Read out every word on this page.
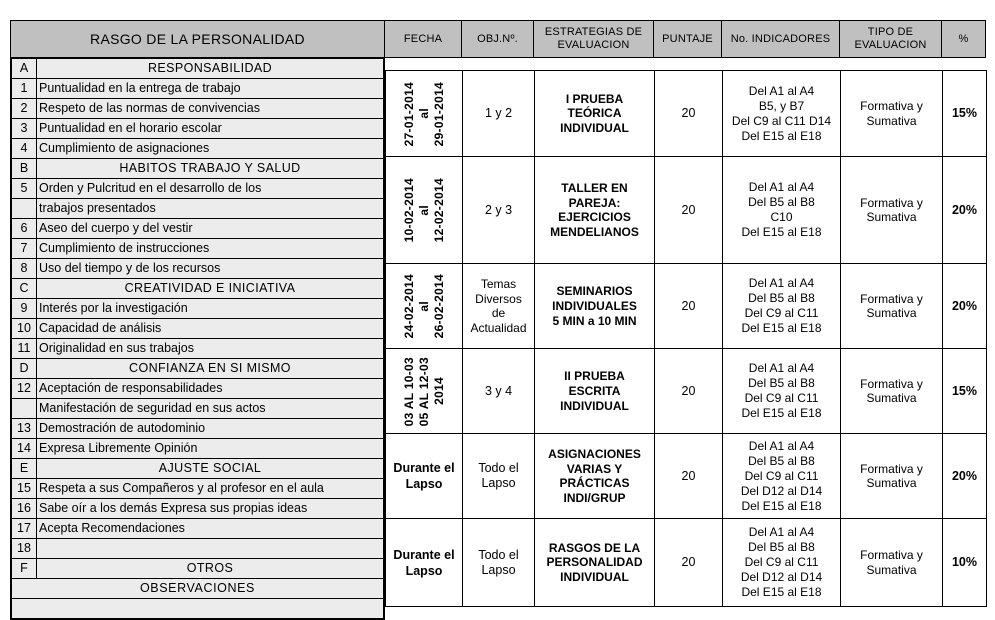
RASGO DE LA PERSONALIDAD	FECHA	OBJ.Nº.	ESTRATEGIAS DE
EVALUACION	PUNTAJE	No. INDICADORES	TIPO DE
EVALUACION	%

A	RESPONSABILIDAD
1	Puntualidad en la entrega de trabajo
2	Respeto de las normas de convivencias
3	Puntualidad en el horario escolar
4	Cumplimiento de asignaciones
B	HABITOS TRABAJO Y SALUD
5	Orden y Pulcritud en el desarrollo de los
	trabajos presentados
6	Aseo del cuerpo y del vestir
7	Cumplimiento de instrucciones
8	Uso del tiempo y de los recursos
C	CREATIVIDAD E INICIATIVA
9	Interés por la investigación
10	Capacidad de análisis
11	Originalidad en sus trabajos
D	CONFIANZA EN SI MISMO
12	Aceptación de responsabilidades
	Manifestación de seguridad en sus actos
13	Demostración de autodominio
14	Expresa Libremente Opinión
E	AJUSTE SOCIAL
15	Respeta a sus Compañeros y al profesor en el aula
16	Sabe oír a los demás Expresa sus propias ideas
17	Acepta Recomendaciones
18	
F	OTROS
OBSERVACIONES

27-01-2014 al 29-01-2014	1 y 2	I PRUEBA
TEÓRICA
INDIVIDUAL	20	Del A1 al A4
B5, y B7
Del C9 al C11 D14
Del E15 al E18	Formativa y
Sumativa	15%

10-02-2014 al 12-02-2014	2 y 3	TALLER EN
PAREJA:
EJERCICIOS
MENDELIANOS	20	Del A1 al A4
Del B5 al B8
C10
Del E15 al E18	Formativa y
Sumativa	20%

24-02-2014 al 26-02-2014	Temas
Diversos
de
Actualidad	SEMINARIOS
INDIVIDUALES
5 MIN a 10 MIN	20	Del A1 al A4
Del B5 al B8
Del C9 al C11
Del E15 al E18	Formativa y
Sumativa	20%

03 AL 10-03 05 AL 12-03 2014	3 y 4	II PRUEBA
ESCRITA
INDIVIDUAL	20	Del A1 al A4
Del B5 al B8
Del C9 al C11
Del E15 al E18	Formativa y
Sumativa	15%

Durante el
Lapso
	Todo el
Lapso	ASIGNACIONES
VARIAS Y
PRÁCTICAS
INDI/GRUP	20	Del A1 al A4
Del B5 al B8
Del C9 al C11
Del D12 al D14
Del E15 al E18	Formativa y
Sumativa	20%

Durante el
Lapso
	Todo el
Lapso	RASGOS DE LA
PERSONALIDAD
INDIVIDUAL	20	Del A1 al A4
Del B5 al B8
Del C9 al C11
Del D12 al D14
Del E15 al E18	Formativa y
Sumativa	10%
